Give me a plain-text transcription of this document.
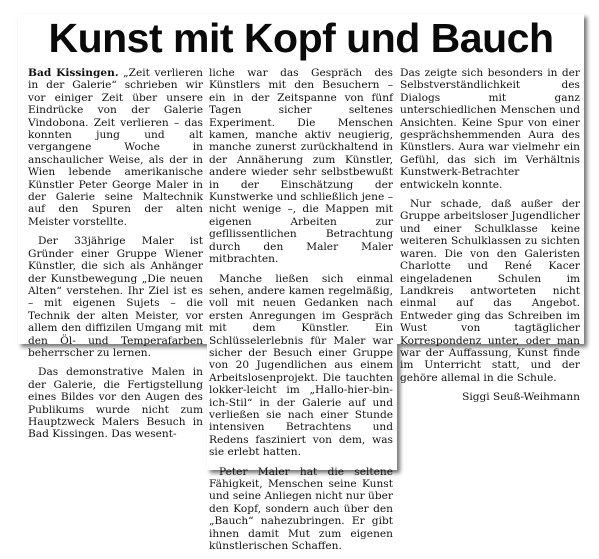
Kunst mit Kopf und Bauch

Bad Kissingen. „Zeit verlieren in der Galerie“ schrieben wir vor einiger Zeit über unsere Eindrücke von der Galerie Vindobona. Zeit verlieren – das konnten jung und alt vergangene Woche in anschaulicher Weise, als der in Wien lebende amerikanische Künstler Peter George Maler in der Galerie seine Maltechnik auf den Spuren der alten Meister vorstellte.

Der 33jährige Maler ist Gründer einer Gruppe Wiener Künstler, die sich als Anhänger der Kunstbewegung „Die neuen Alten“ verstehen. Ihr Ziel ist es – mit eigenen Sujets – die Technik der alten Meister, vor allem den diffizilen Umgang mit den Öl- und Temperafarben beherrscher zu lernen.

Das demonstrative Malen in der Galerie, die Fertigstellung eines Bildes vor den Augen des Publikums wurde nicht zum Hauptzweck Malers Besuch in Bad Kissingen. Das wesent-

liche war das Gespräch des Künstlers mit den Besuchern – ein in der Zeitspanne von fünf Tagen sicher seltenes Experiment. Die Menschen kamen, manche aktiv neugierig, manche zunerst zurückhaltend in der Annäherung zum Künstler, andere wieder sehr selbstbewußt in der Einschätzung der Kunstwerke und schließlich jene – nicht wenige –, die Mappen mit eigenen Arbeiten zur gefllissentlichen Betrachtung durch den Maler Maler mitbrachten.

Manche ließen sich einmal sehen, andere kamen regelmäßig, voll mit neuen Gedanken nach ersten Anregungen im Gespräch mit dem Künstler. Ein Schlüsselerlebnis für Maler war sicher der Besuch einer Gruppe von 20 Jugendlichen aus einem Arbeitslosenprojekt. Die tauchten lokker-leicht im „Hallo-hier-bin-ich-Stil“ in der Galerie auf und verließen sie nach einer Stunde intensiven Betrachtens und Redens fasziniert von dem, was sie erlebt hatten.

Peter Maler hat die seltene Fähigkeit, Menschen seine Kunst und seine Anliegen nicht nur über den Kopf, sondern auch über den „Bauch“ nahezubringen. Er gibt ihnen damit Mut zum eigenen künstlerischen Schaffen.

Das zeigte sich besonders in der Selbstverständlichkeit des Dialogs mit ganz unterschiedlichen Menschen und Ansichten. Keine Spur von einer gesprächshemmenden Aura des Künstlers. Aura war vielmehr ein Gefühl, das sich im Verhältnis Kunstwerk-Betrachter entwickeln konnte.

Nur schade, daß außer der Gruppe arbeitsloser Jugendlicher und einer Schulklasse keine weiteren Schulklassen zu sichten waren. Die von den Galeristen Charlotte und René Kacer eingeladenen Schulen im Landkreis antworteten nicht einmal auf das Angebot. Entweder ging das Schreiben im Wust von tagtäglicher Korrespondenz unter, oder man war der Auffassung, Kunst finde im Unterricht statt, und der gehöre allemal in die Schule.

Siggi Seuß-Weihmann
